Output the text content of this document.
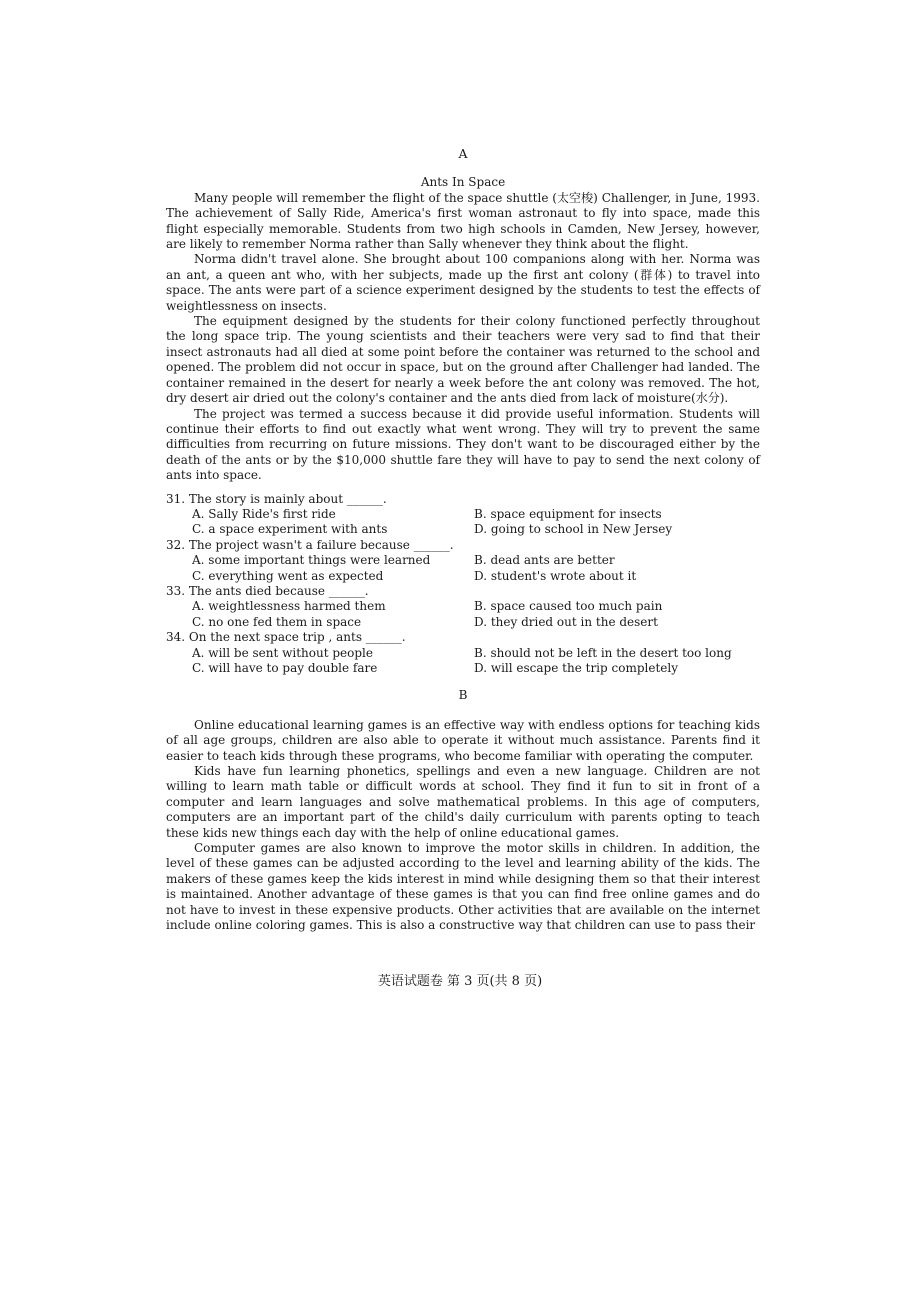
A
Ants In Space

Many people will remember the flight of the space shuttle (太空梭) Challenger, in June, 1993. The achievement of Sally Ride, America's first woman astronaut to fly into space, made this flight especially memorable. Students from two high schools in Camden, New Jersey, however, are likely to remember Norma rather than Sally whenever they think about the flight.

Norma didn't travel alone. She brought about 100 companions along with her. Norma was an ant, a queen ant who, with her subjects, made up the first ant colony (群体) to travel into space. The ants were part of a science experiment designed by the students to test the effects of weightlessness on insects.

The equipment designed by the students for their colony functioned perfectly throughout the long space trip. The young scientists and their teachers were very sad to find that their insect astronauts had all died at some point before the container was returned to the school and opened. The problem did not occur in space, but on the ground after Challenger had landed. The container remained in the desert for nearly a week before the ant colony was removed. The hot, dry desert air dried out the colony's container and the ants died from lack of moisture(水分).

The project was termed a success because it did provide useful information. Students will continue their efforts to find out exactly what went wrong. They will try to prevent the same difficulties from recurring on future missions. They don't want to be discouraged either by the death of the ants or by the $10,000 shuttle fare they will have to pay to send the next colony of ants into space.

31. The story is mainly about ______.

A. Sally Ride's first ride	B. space equipment for insects
C. a space experiment with ants	D. going to school in New Jersey

32. The project wasn't a failure because ______.

A. some important things were learned	B. dead ants are better
C. everything went as expected	D. student's wrote about it

33. The ants died because ______.

A. weightlessness harmed them	B. space caused too much pain
C. no one fed them in space	D. they dried out in the desert

34. On the next space trip , ants ______.

A. will be sent without people	B. should not be left in the desert too long
C. will have to pay double fare	D. will escape the trip completely
B

Online educational learning games is an effective way with endless options for teaching kids of all age groups, children are also able to operate it without much assistance. Parents find it easier to teach kids through these programs, who become familiar with operating the computer.

Kids have fun learning phonetics, spellings and even a new language. Children are not willing to learn math table or difficult words at school. They find it fun to sit in front of a computer and learn languages and solve mathematical problems. In this age of computers, computers are an important part of the child's daily curriculum with parents opting to teach these kids new things each day with the help of online educational games.

Computer games are also known to improve the motor skills in children. In addition, the level of these games can be adjusted according to the level and learning ability of the kids. The makers of these games keep the kids interest in mind while designing them so that their interest is maintained. Another advantage of these games is that you can find free online games and do not have to invest in these expensive products. Other activities that are available on the internet include online coloring games. This is also a constructive way that children can use to pass their

英语试题卷 第 3 页(共 8 页)
